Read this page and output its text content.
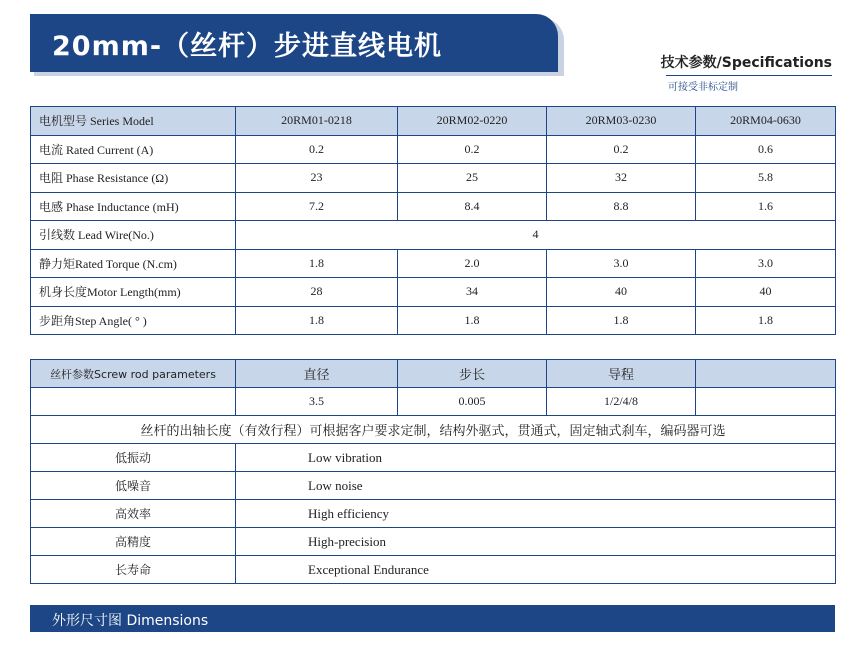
20mm-（丝杆）步进直线电机
技术参数/Specifications
可接受非标定制
电机型号 Series Model	20RM01-0218	20RM02-0220	20RM03-0230	20RM04-0630
电流 Rated Current (A)	0.2	0.2	0.2	0.6
电阻 Phase Resistance (Ω)	23	25	32	5.8
电感 Phase Inductance (mH)	7.2	8.4	8.8	1.6
引线数 Lead Wire(No.)	4			
静力矩Rated Torque (N.cm)	1.8	2.0	3.0	3.0
机身长度Motor Length(mm)	28	34	40	40
步距角Step Angle( ° )	1.8	1.8	1.8	1.8
丝杆参数Screw rod parameters	直径	步长	导程	
	3.5	0.005	1/2/4/8	
丝杆的出轴长度（有效行程）可根据客户要求定制，结构外驱式，贯通式，固定轴式刹车，编码器可选				
低振动	Low vibration			
低噪音	Low noise			
高效率	High efficiency			
高精度	High-precision			
长寿命	Exceptional Endurance			
外形尺寸图 Dimensions
